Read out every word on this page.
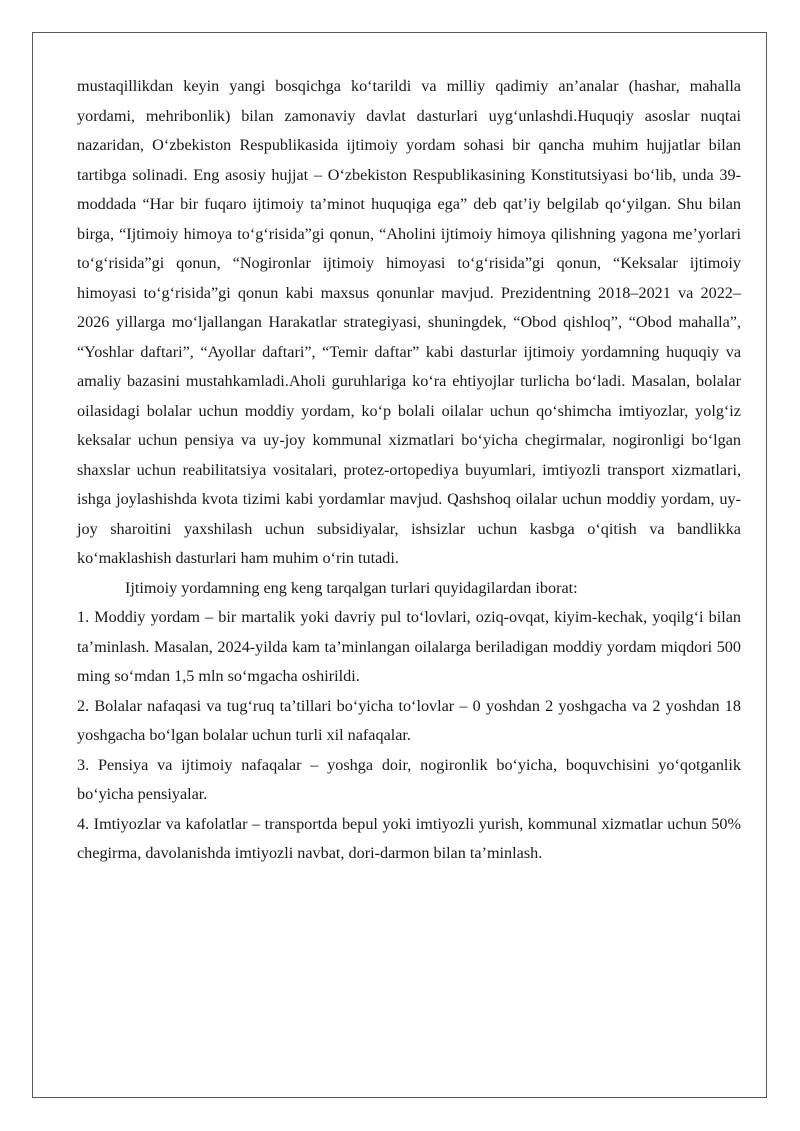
mustaqillikdan keyin yangi bosqichga koʻtarildi va milliy qadimiy an’analar (hashar, mahalla yordami, mehribonlik) bilan zamonaviy davlat dasturlari uygʻunlashdi.Huquqiy asoslar nuqtai nazaridan, Oʻzbekiston Respublikasida ijtimoiy yordam sohasi bir qancha muhim hujjatlar bilan tartibga solinadi. Eng asosiy hujjat – Oʻzbekiston Respublikasining Konstitutsiyasi boʻlib, unda 39-moddada “Har bir fuqaro ijtimoiy ta’minot huquqiga ega” deb qat’iy belgilab qoʻyilgan. Shu bilan birga, “Ijtimoiy himoya toʻgʻrisida”gi qonun, “Aholini ijtimoiy himoya qilishning yagona me’yorlari toʻgʻrisida”gi qonun, “Nogironlar ijtimoiy himoyasi toʻgʻrisida”gi qonun, “Keksalar ijtimoiy himoyasi toʻgʻrisida”gi qonun kabi maxsus qonunlar mavjud. Prezidentning 2018–2021 va 2022–2026 yillarga moʻljallangan Harakatlar strategiyasi, shuningdek, “Obod qishloq”, “Obod mahalla”, “Yoshlar daftari”, “Ayollar daftari”, “Temir daftar” kabi dasturlar ijtimoiy yordamning huquqiy va amaliy bazasini mustahkamladi.Aholi guruhlariga koʻra ehtiyojlar turlicha boʻladi. Masalan, bolalar oilasidagi bolalar uchun moddiy yordam, koʻp bolali oilalar uchun qoʻshimcha imtiyozlar, yolgʻiz keksalar uchun pensiya va uy-joy kommunal xizmatlari boʻyicha chegirmalar, nogironligi boʻlgan shaxslar uchun reabilitatsiya vositalari, protez-ortopediya buyumlari, imtiyozli transport xizmatlari, ishga joylashishda kvota tizimi kabi yordamlar mavjud. Qashshoq oilalar uchun moddiy yordam, uy-joy sharoitini yaxshilash uchun subsidiyalar, ishsizlar uchun kasbga oʻqitish va bandlikka koʻmaklashish dasturlari ham muhim oʻrin tutadi.

Ijtimoiy yordamning eng keng tarqalgan turlari quyidagilardan iborat:

1. Moddiy yordam – bir martalik yoki davriy pul toʻlovlari, oziq-ovqat, kiyim-kechak, yoqilgʻi bilan ta’minlash. Masalan, 2024-yilda kam ta’minlangan oilalarga beriladigan moddiy yordam miqdori 500 ming soʻmdan 1,5 mln soʻmgacha oshirildi.

2. Bolalar nafaqasi va tugʻruq ta’tillari boʻyicha toʻlovlar – 0 yoshdan 2 yoshgacha va 2 yoshdan 18 yoshgacha boʻlgan bolalar uchun turli xil nafaqalar.

3. Pensiya va ijtimoiy nafaqalar – yoshga doir, nogironlik boʻyicha, boquvchisini yoʻqotganlik boʻyicha pensiyalar.

4. Imtiyozlar va kafolatlar – transportda bepul yoki imtiyozli yurish, kommunal xizmatlar uchun 50% chegirma, davolanishda imtiyozli navbat, dori-darmon bilan ta’minlash.
